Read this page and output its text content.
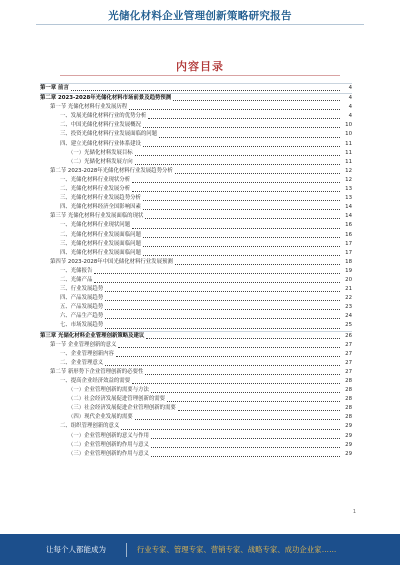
光储化材料企业管理创新策略研究报告
内容目录
第一章 前言	4
第二章 2023-2028年光储化材料市场前景及趋势预测	4
第一节 光储化材料行业发展历程	4
一、发展光储化材料行业的优势分析	4
二、中国光储化材料行业发展概况	10
三、投资光储化材料行业发展面临的问题	10
四、建立光储化材料行业体系建设	11
（一）光储化材料发展目标	11
（二）光储化材料发展方向	11
第二节 2023-2028年光储化材料行业发展趋势分析	12
一、光储化材料行业现状分析	12
二、光储化材料行业发展分析	13
三、光储化材料行业发展趋势分析	13
四、光储化材料经济全国影响因素	14
第三节 光储化材料行业发展面临的现状	14
一、光储化材料行业现状问题	16
二、光储化材料行业发展面临问题	16
三、光储化材料行业发展面临问题	17
四、光储化材料行业发展面临问题	17
第四节 2023-2028年中国光储化材料行业发展预测	18
一、光储报告	19
二、光储产品	20
三、行业发展趋势	21
四、产品发展趋势	22
五、产品发展趋势	23
六、产品生产趋势	24
七、市场发展趋势	25
第三章 光储化材料企业管理创新策略及建议	26
第一节 企业管理创新的意义	27
一、企业管理创新内容	27
二、企业管理意义	27
第二节 新形势下企业管理创新的必要性	27
一、提高企业经济效益的需要	28
（一）企业管理创新的需要与方法	28
（二）社会经济发展促进管理创新的需要	28
（三）社会经济发展促进企业管理创新的需要	28
（四）现代企业发展的需要	28
二、组织管理创新的意义	29
（一）企业管理创新的意义与作用	29
（二）企业管理创新的作用与意义	29
（三）企业管理创新的作用与意义	29
1
让每个人都能成为	行业专家、管理专家、营销专家、战略专家、成功企业家……
